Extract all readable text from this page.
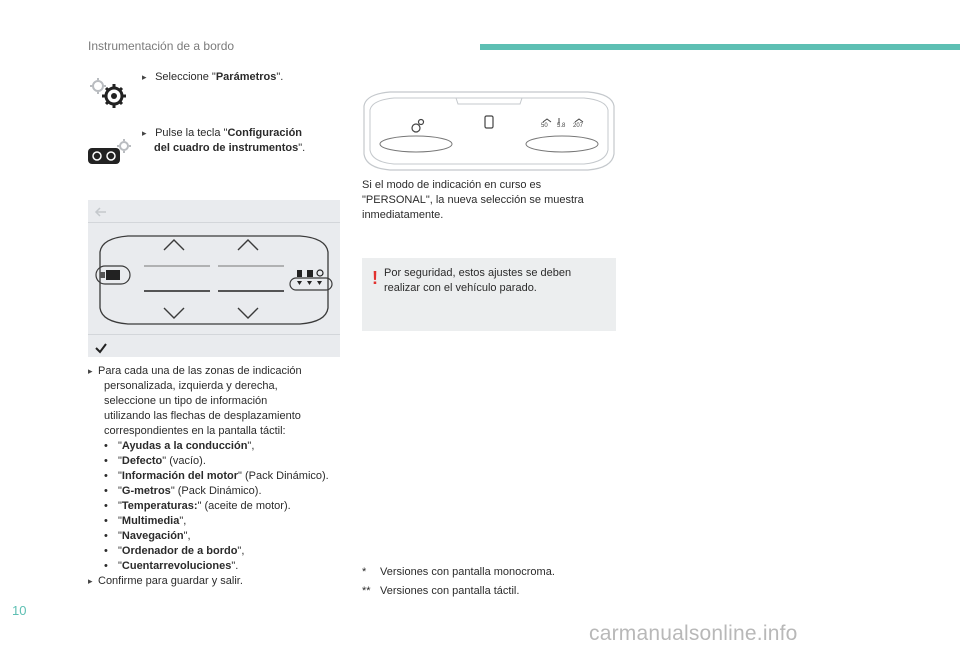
Instrumentación de a bordo
▸ Seleccione "Parámetros".
▸ Pulse la tecla "Configuración
del cuadro de instrumentos".
▸ Para cada una de las zonas de indicación
personalizada, izquierda y derecha,
seleccione un tipo de información
utilizando las flechas de desplazamiento
correspondientes en la pantalla táctil:
• "Ayudas a la conducción",
• "Defecto" (vacío).
• "Información del motor" (Pack Dinámico).
• "G-metros" (Pack Dinámico).
• "Temperaturas:" (aceite de motor).
• "Multimedia",
• "Navegación",
• "Ordenador de a bordo",
• "Cuentarrevoluciones".
▸ Confirme para guardar y salir.
50 5.8 207
Si el modo de indicación en curso es
"PERSONAL", la nueva selección se muestra
inmediatamente.
! Por seguridad, estos ajustes se deben
realizar con el vehículo parado.
* Versiones con pantalla monocroma.
** Versiones con pantalla táctil.
10
carmanualsonline.info
